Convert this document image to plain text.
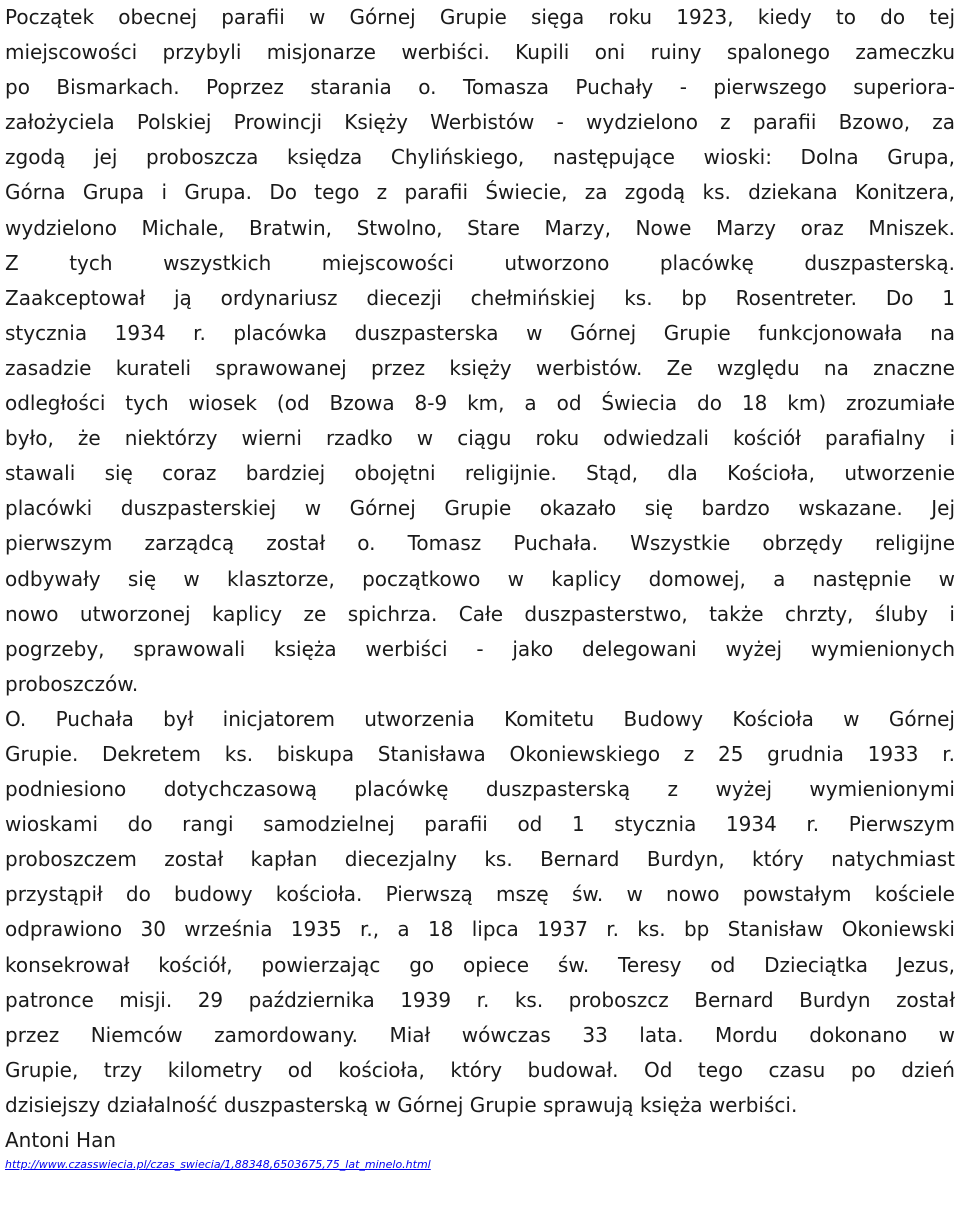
Początek obecnej parafii w Górnej Grupie sięga roku 1923, kiedy to do tej
miejscowości przybyli misjonarze werbiści. Kupili oni ruiny spalonego zameczku
po Bismarkach. Poprzez starania o. Tomasza Puchały - pierwszego superiora-
założyciela Polskiej Prowincji Księży Werbistów - wydzielono z parafii Bzowo, za
zgodą jej proboszcza księdza Chylińskiego, następujące wioski: Dolna Grupa,
Górna Grupa i Grupa. Do tego z parafii Świecie, za zgodą ks. dziekana Konitzera,
wydzielono Michale, Bratwin, Stwolno, Stare Marzy, Nowe Marzy oraz Mniszek.
Z tych wszystkich miejscowości utworzono placówkę duszpasterską.
Zaakceptował ją ordynariusz diecezji chełmińskiej ks. bp Rosentreter. Do 1
stycznia 1934 r. placówka duszpasterska w Górnej Grupie funkcjonowała na
zasadzie kurateli sprawowanej przez księży werbistów. Ze względu na znaczne
odległości tych wiosek (od Bzowa 8-9 km, a od Świecia do 18 km) zrozumiałe
było, że niektórzy wierni rzadko w ciągu roku odwiedzali kościół parafialny i
stawali się coraz bardziej obojętni religijnie. Stąd, dla Kościoła, utworzenie
placówki duszpasterskiej w Górnej Grupie okazało się bardzo wskazane. Jej
pierwszym zarządcą został o. Tomasz Puchała. Wszystkie obrzędy religijne
odbywały się w klasztorze, początkowo w kaplicy domowej, a następnie w
nowo utworzonej kaplicy ze spichrza. Całe duszpasterstwo, także chrzty, śluby i
pogrzeby, sprawowali księża werbiści - jako delegowani wyżej wymienionych
proboszczów.
O. Puchała był inicjatorem utworzenia Komitetu Budowy Kościoła w Górnej
Grupie. Dekretem ks. biskupa Stanisława Okoniewskiego z 25 grudnia 1933 r.
podniesiono dotychczasową placówkę duszpasterską z wyżej wymienionymi
wioskami do rangi samodzielnej parafii od 1 stycznia 1934 r. Pierwszym
proboszczem został kapłan diecezjalny ks. Bernard Burdyn, który natychmiast
przystąpił do budowy kościoła. Pierwszą mszę św. w nowo powstałym kościele
odprawiono 30 września 1935 r., a 18 lipca 1937 r. ks. bp Stanisław Okoniewski
konsekrował kościół, powierzając go opiece św. Teresy od Dzieciątka Jezus,
patronce misji. 29 października 1939 r. ks. proboszcz Bernard Burdyn został
przez Niemców zamordowany. Miał wówczas 33 lata. Mordu dokonano w
Grupie, trzy kilometry od kościoła, który budował. Od tego czasu po dzień
dzisiejszy działalność duszpasterską w Górnej Grupie sprawują księża werbiści.
Antoni Han
http://www.czasswiecia.pl/czas_swiecia/1,88348,6503675,75_lat_minelo.html
